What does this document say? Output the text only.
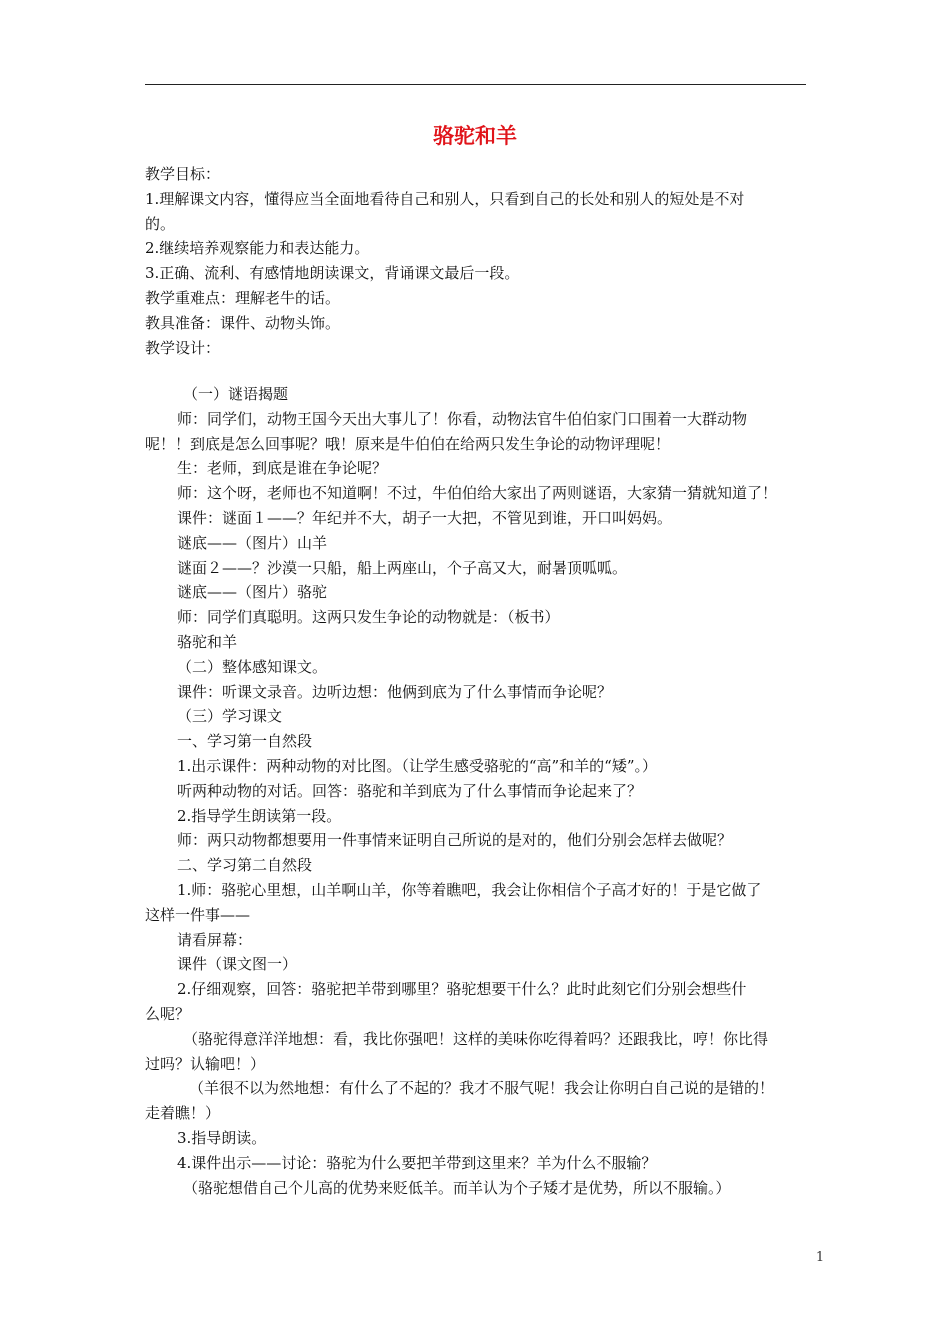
骆驼和羊
教学目标：
1.理解课文内容，懂得应当全面地看待自己和别人，只看到自己的长处和别人的短处是不对
的。
2.继续培养观察能力和表达能力。
3.正确、流利、有感情地朗读课文，背诵课文最后一段。
教学重难点：理解老牛的话。
教具准备：课件、动物头饰。
教学设计：
（一）谜语揭题
师：同学们，动物王国今天出大事儿了！你看，动物法官牛伯伯家门口围着一大群动物
呢！！到底是怎么回事呢？哦！原来是牛伯伯在给两只发生争论的动物评理呢！
生：老师，到底是谁在争论呢？
师：这个呀，老师也不知道啊！不过，牛伯伯给大家出了两则谜语，大家猜一猜就知道了！
课件：谜面１——？年纪并不大，胡子一大把，不管见到谁，开口叫妈妈。
谜底——（图片）山羊
谜面２——？沙漠一只船，船上两座山，个子高又大，耐暑顶呱呱。
谜底——（图片）骆驼
师：同学们真聪明。这两只发生争论的动物就是：（板书）
骆驼和羊
（二）整体感知课文。
课件：听课文录音。边听边想：他俩到底为了什么事情而争论呢？
（三）学习课文
一、学习第一自然段
1.出示课件：两种动物的对比图。（让学生感受骆驼的“高”和羊的“矮”。）
听两种动物的对话。回答：骆驼和羊到底为了什么事情而争论起来了？
2.指导学生朗读第一段。
师：两只动物都想要用一件事情来证明自己所说的是对的，他们分别会怎样去做呢？
二、学习第二自然段
1.师：骆驼心里想，山羊啊山羊，你等着瞧吧，我会让你相信个子高才好的！于是它做了
这样一件事——
请看屏幕：
课件（课文图一）
2.仔细观察，回答：骆驼把羊带到哪里？骆驼想要干什么？此时此刻它们分别会想些什
么呢？
（骆驼得意洋洋地想：看，我比你强吧！这样的美味你吃得着吗？还跟我比，哼！你比得
过吗？认输吧！）
（羊很不以为然地想：有什么了不起的？我才不服气呢！我会让你明白自己说的是错的！
走着瞧！）
3.指导朗读。
4.课件出示——讨论：骆驼为什么要把羊带到这里来？羊为什么不服输？
（骆驼想借自己个儿高的优势来贬低羊。而羊认为个子矮才是优势，所以不服输。）
1
